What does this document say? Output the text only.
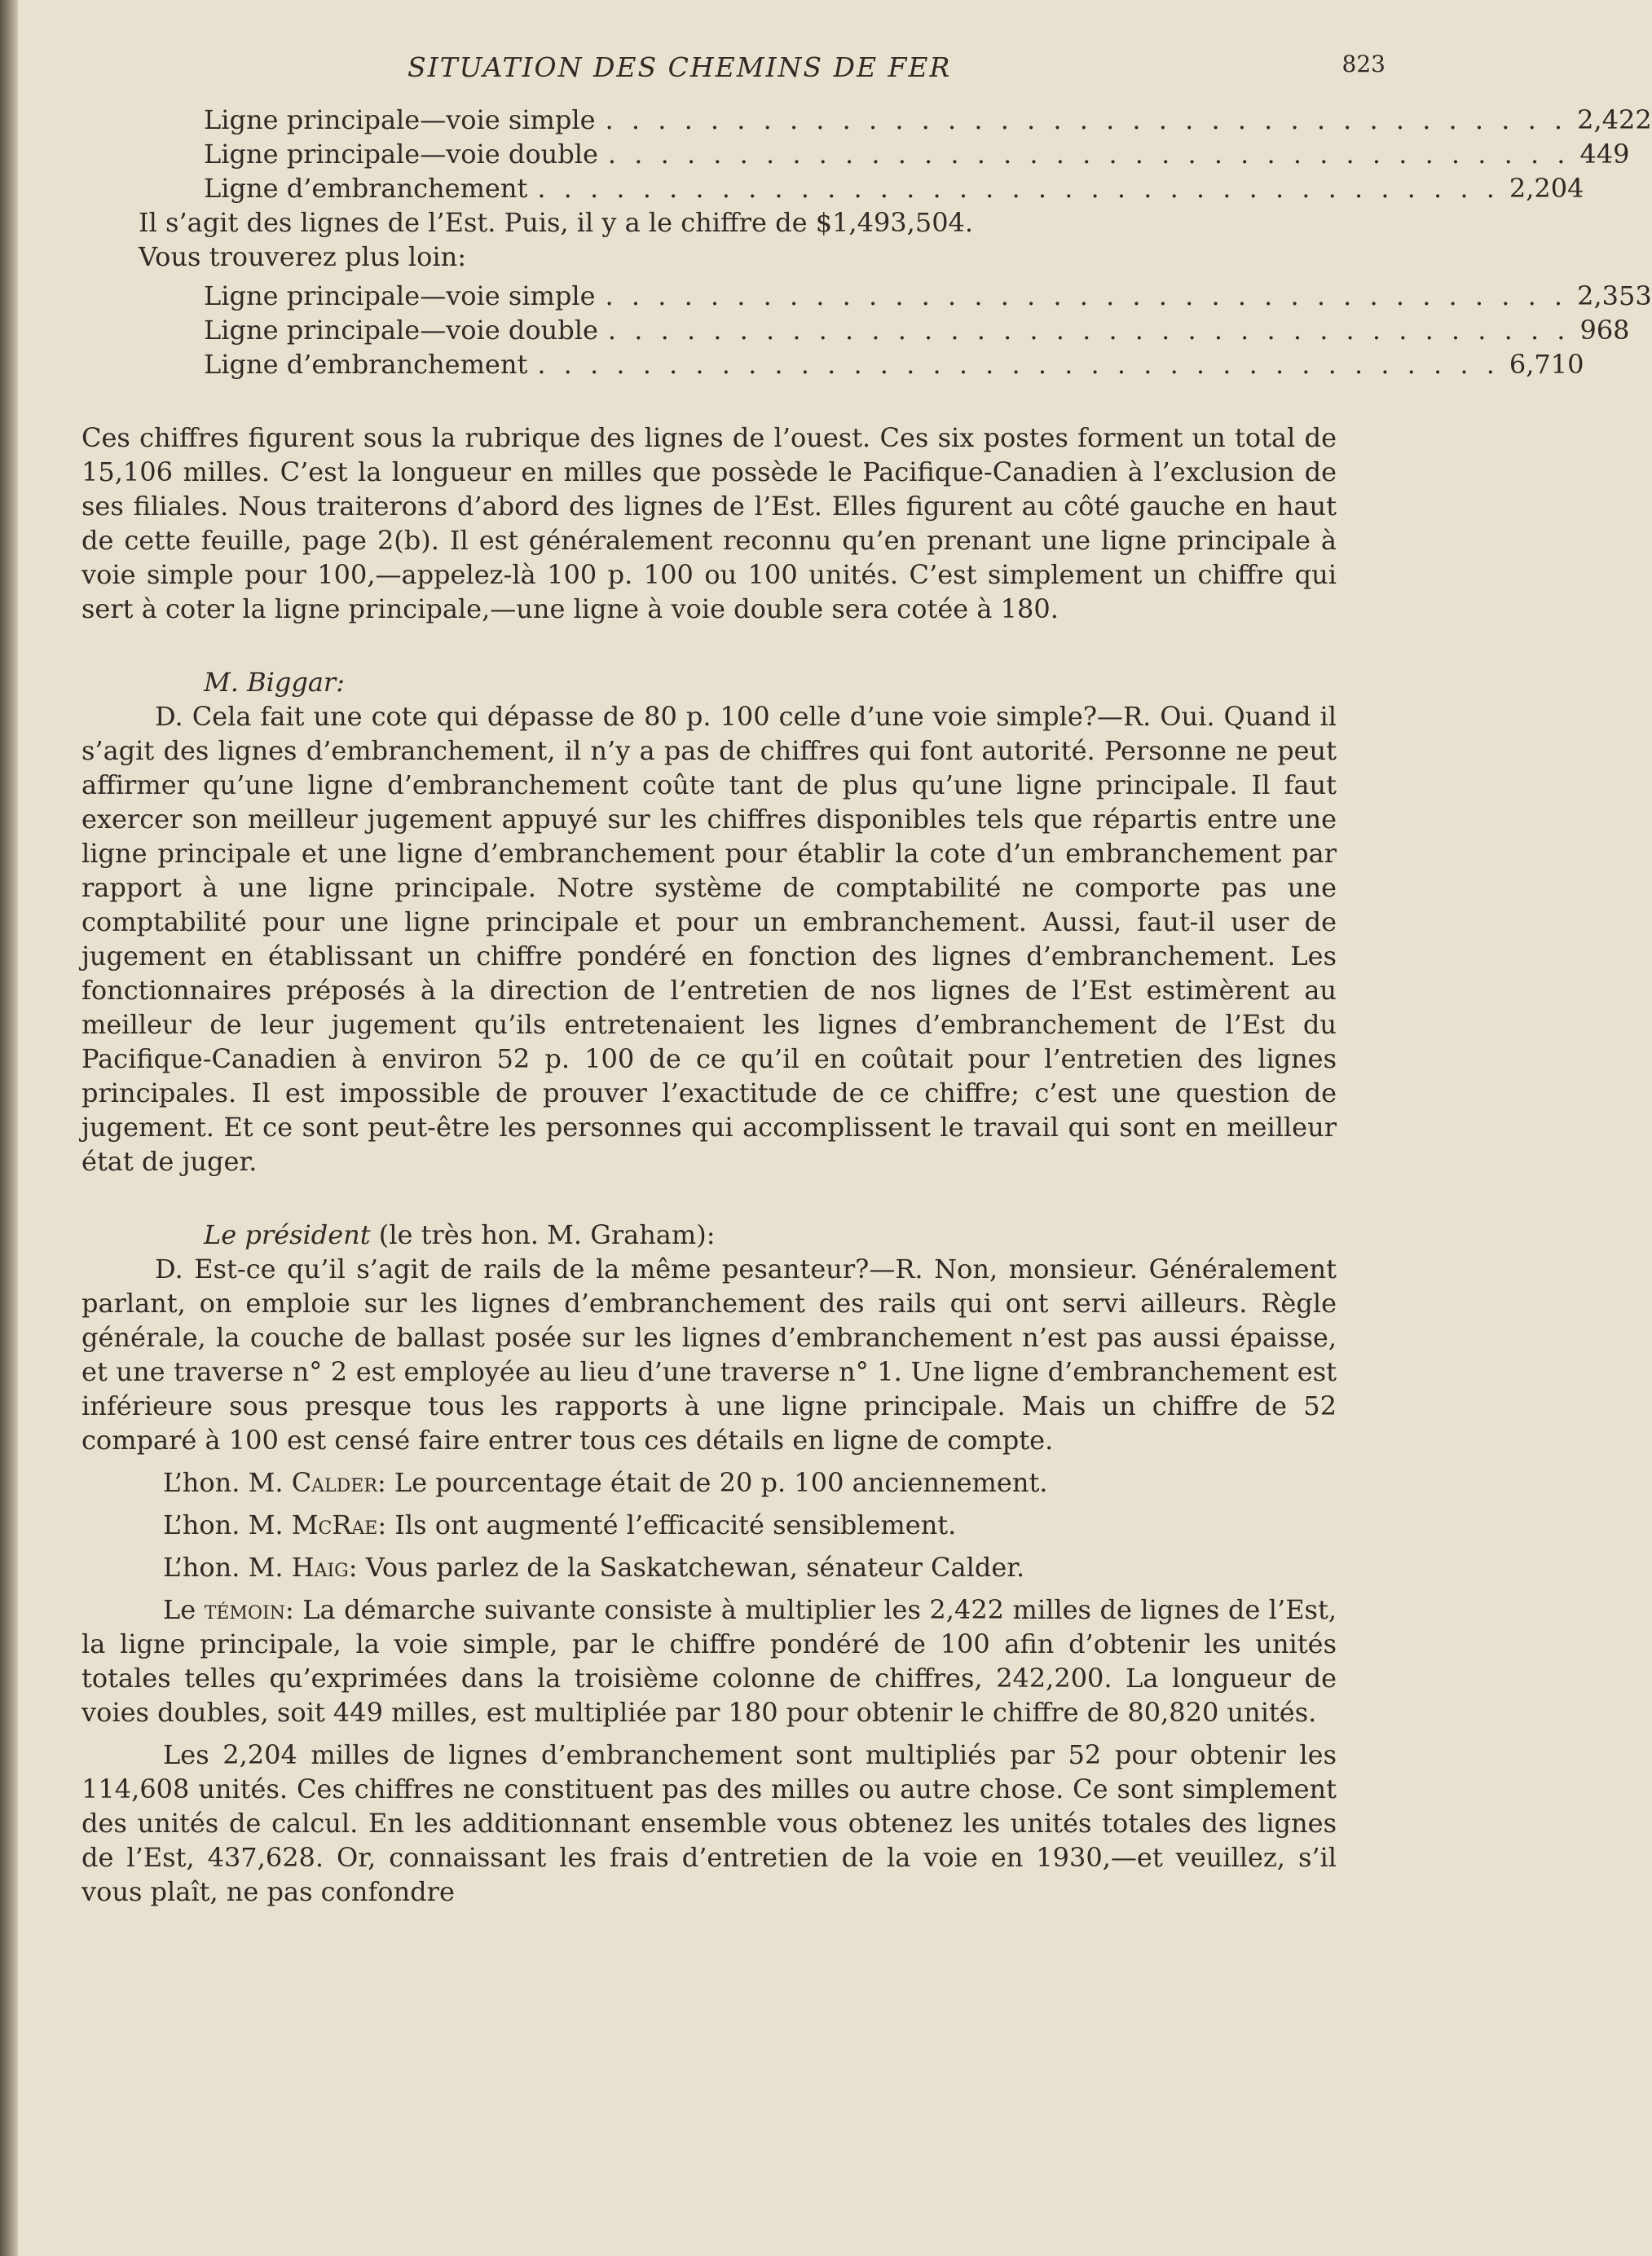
SITUATION DES CHEMINS DE FER	823
Ligne principale—voie simple . . . . . . . . . . . . . . . . . . . . . . . . . . . . . . . . . . . . . 2,422
Ligne principale—voie double . . . . . . . . . . . . . . . . . . . . . . . . . . . . . . . . . . . . . 449
Ligne d’embranchement . . . . . . . . . . . . . . . . . . . . . . . . . . . . . . . . . . . . . 2,204
Il s’agit des lignes de l’Est. Puis, il y a le chiffre de $1,493,504.
Vous trouverez plus loin:
Ligne principale—voie simple . . . . . . . . . . . . . . . . . . . . . . . . . . . . . . . . . . . . . 2,353
Ligne principale—voie double . . . . . . . . . . . . . . . . . . . . . . . . . . . . . . . . . . . . . 968
Ligne d’embranchement . . . . . . . . . . . . . . . . . . . . . . . . . . . . . . . . . . . . . 6,710

Ces chiffres figurent sous la rubrique des lignes de l’ouest. Ces six postes forment un total de 15,106 milles. C’est la longueur en milles que possède le Pacifique-Canadien à l’exclusion de ses filiales. Nous traiterons d’abord des lignes de l’Est. Elles figurent au côté gauche en haut de cette feuille, page 2(b). Il est généralement reconnu qu’en prenant une ligne principale à voie simple pour 100,—appelez-là 100 p. 100 ou 100 unités. C’est simplement un chiffre qui sert à coter la ligne principale,—une ligne à voie double sera cotée à 180.

M. Biggar:

D. Cela fait une cote qui dépasse de 80 p. 100 celle d’une voie simple?—R. Oui. Quand il s’agit des lignes d’embranchement, il n’y a pas de chiffres qui font autorité. Personne ne peut affirmer qu’une ligne d’embranchement coûte tant de plus qu’une ligne principale. Il faut exercer son meilleur jugement appuyé sur les chiffres disponibles tels que répartis entre une ligne principale et une ligne d’embranchement pour établir la cote d’un embranchement par rapport à une ligne principale. Notre système de comptabilité ne comporte pas une comptabilité pour une ligne principale et pour un embranchement. Aussi, faut-il user de jugement en établissant un chiffre pondéré en fonction des lignes d’embranchement. Les fonctionnaires préposés à la direction de l’entretien de nos lignes de l’Est estimèrent au meilleur de leur jugement qu’ils entretenaient les lignes d’embranchement de l’Est du Pacifique-Canadien à environ 52 p. 100 de ce qu’il en coûtait pour l’entretien des lignes principales. Il est impossible de prouver l’exactitude de ce chiffre; c’est une question de jugement. Et ce sont peut-être les personnes qui accomplissent le travail qui sont en meilleur état de juger.

Le président (le très hon. M. Graham):

D. Est-ce qu’il s’agit de rails de la même pesanteur?—R. Non, monsieur. Généralement parlant, on emploie sur les lignes d’embranchement des rails qui ont servi ailleurs. Règle générale, la couche de ballast posée sur les lignes d’embranchement n’est pas aussi épaisse, et une traverse n° 2 est employée au lieu d’une traverse n° 1. Une ligne d’embranchement est inférieure sous presque tous les rapports à une ligne principale. Mais un chiffre de 52 comparé à 100 est censé faire entrer tous ces détails en ligne de compte.

L’hon. M. Calder: Le pourcentage était de 20 p. 100 anciennement.

L’hon. M. McRae: Ils ont augmenté l’efficacité sensiblement.

L’hon. M. Haig: Vous parlez de la Saskatchewan, sénateur Calder.

Le témoin: La démarche suivante consiste à multiplier les 2,422 milles de lignes de l’Est, la ligne principale, la voie simple, par le chiffre pondéré de 100 afin d’obtenir les unités totales telles qu’exprimées dans la troisième colonne de chiffres, 242,200. La longueur de voies doubles, soit 449 milles, est multipliée par 180 pour obtenir le chiffre de 80,820 unités.

Les 2,204 milles de lignes d’embranchement sont multipliés par 52 pour obtenir les 114,608 unités. Ces chiffres ne constituent pas des milles ou autre chose. Ce sont simplement des unités de calcul. En les additionnant ensemble vous obtenez les unités totales des lignes de l’Est, 437,628. Or, connaissant les frais d’entretien de la voie en 1930,—et veuillez, s’il vous plaît, ne pas confondre
